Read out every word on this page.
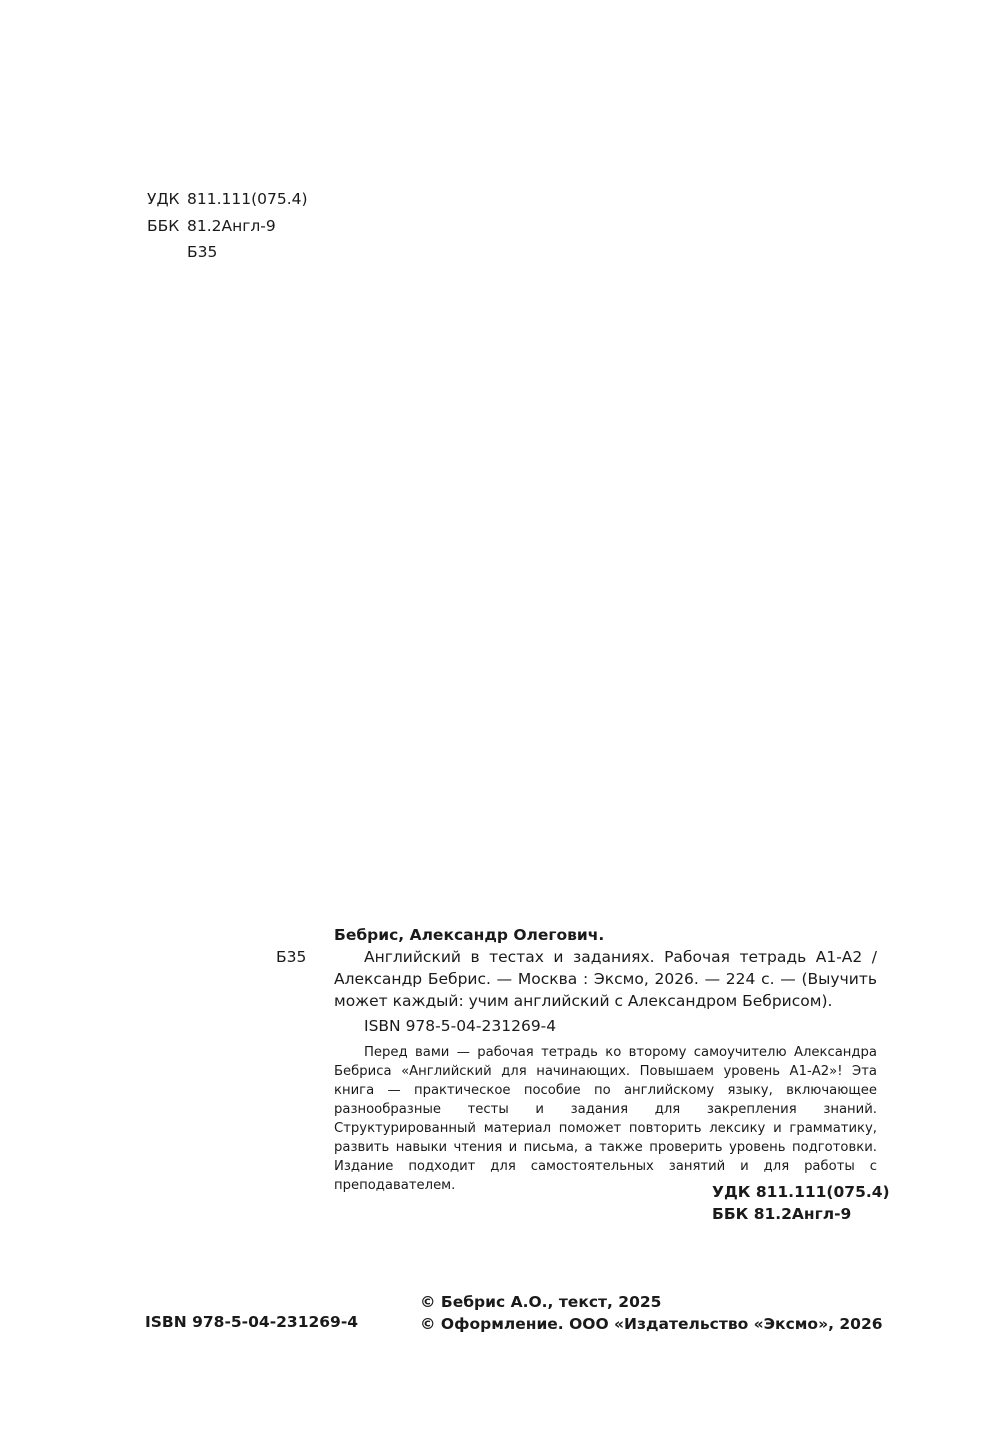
УДК 811.111(075.4)
ББК 81.2Англ-9
Б35
Бебрис, Александр Олегович.
Б35	Английский в тестах и заданиях. Рабочая тетрадь А1-А2 / Александр Бебрис. — Москва : Эксмо, 2026. — 224 с. — (Выучить может каждый: учим английский с Александром Бебрисом).
ISBN 978-5-04-231269-4
Перед вами — рабочая тетрадь ко второму самоучителю Александра Бебриса «Английский для начинающих. Повышаем уровень А1-А2»! Эта книга — практическое пособие по английскому языку, включающее разнообразные тесты и задания для закрепления знаний. Структурированный материал поможет повторить лексику и грамматику, развить навыки чтения и письма, а также проверить уровень подготовки. Издание подходит для самостоятельных занятий и для работы с преподавателем.	УДК 811.111(075.4)
ББК 81.2Англ-9
ISBN 978-5-04-231269-4
© Бебрис А.О., текст, 2025
© Оформление. ООО «Издательство «Эксмо», 2026
